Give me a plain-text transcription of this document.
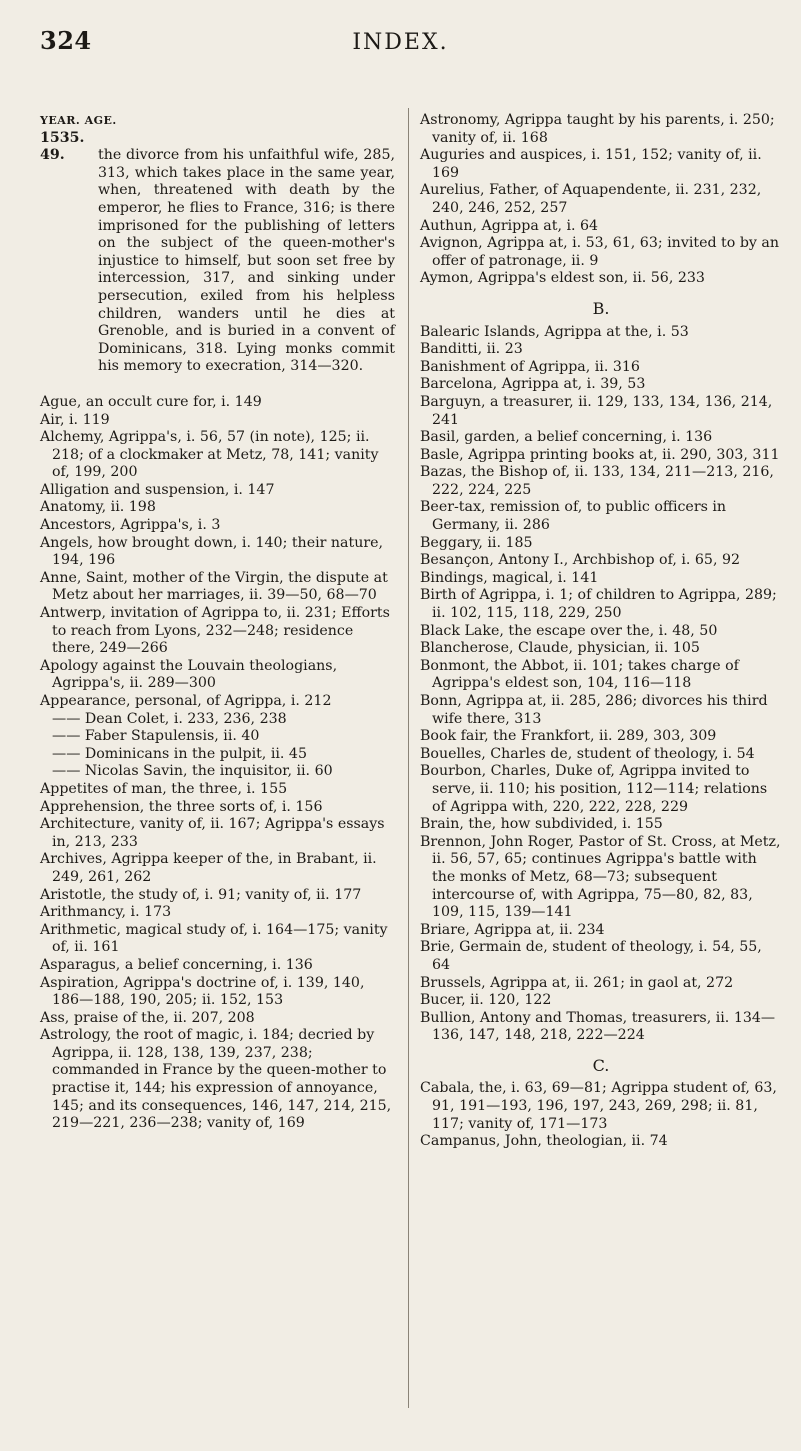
324	INDEX.
YEAR. AGE.
1535. 49.	the divorce from his unfaithful wife, 285, 313, which takes place in the same year, when, threatened with death by the emperor, he flies to France, 316; is there imprisoned for the publishing of letters on the subject of the queen-mother's injustice to himself, but soon set free by intercession, 317, and sinking under persecution, exiled from his helpless children, wanders until he dies at Grenoble, and is buried in a convent of Dominicans, 318. Lying monks commit his memory to execration, 314—320.

Ague, an occult cure for, i. 149

Air, i. 119

Alchemy, Agrippa's, i. 56, 57 (in note), 125; ii. 218; of a clockmaker at Metz, 78, 141; vanity of, 199, 200

Alligation and suspension, i. 147

Anatomy, ii. 198

Ancestors, Agrippa's, i. 3

Angels, how brought down, i. 140; their nature, 194, 196

Anne, Saint, mother of the Virgin, the dispute at Metz about her marriages, ii. 39—50, 68—70

Antwerp, invitation of Agrippa to, ii. 231; Efforts to reach from Lyons, 232—248; residence there, 249—266

Apology against the Louvain theologians, Agrippa's, ii. 289—300

Appearance, personal, of Agrippa, i. 212

—— Dean Colet, i. 233, 236, 238

—— Faber Stapulensis, ii. 40

—— Dominicans in the pulpit, ii. 45

—— Nicolas Savin, the inquisitor, ii. 60

Appetites of man, the three, i. 155

Apprehension, the three sorts of, i. 156

Architecture, vanity of, ii. 167; Agrippa's essays in, 213, 233

Archives, Agrippa keeper of the, in Brabant, ii. 249, 261, 262

Aristotle, the study of, i. 91; vanity of, ii. 177

Arithmancy, i. 173

Arithmetic, magical study of, i. 164—175; vanity of, ii. 161

Asparagus, a belief concerning, i. 136

Aspiration, Agrippa's doctrine of, i. 139, 140, 186—188, 190, 205; ii. 152, 153

Ass, praise of the, ii. 207, 208

Astrology, the root of magic, i. 184; decried by Agrippa, ii. 128, 138, 139, 237, 238; commanded in France by the queen-mother to practise it, 144; his expression of annoyance, 145; and its consequences, 146, 147, 214, 215, 219—221, 236—238; vanity of, 169

Astronomy, Agrippa taught by his parents, i. 250; vanity of, ii. 168

Auguries and auspices, i. 151, 152; vanity of, ii. 169

Aurelius, Father, of Aquapendente, ii. 231, 232, 240, 246, 252, 257

Authun, Agrippa at, i. 64

Avignon, Agrippa at, i. 53, 61, 63; invited to by an offer of patronage, ii. 9

Aymon, Agrippa's eldest son, ii. 56, 233

B.

Balearic Islands, Agrippa at the, i. 53

Banditti, ii. 23

Banishment of Agrippa, ii. 316

Barcelona, Agrippa at, i. 39, 53

Barguyn, a treasurer, ii. 129, 133, 134, 136, 214, 241

Basil, garden, a belief concerning, i. 136

Basle, Agrippa printing books at, ii. 290, 303, 311

Bazas, the Bishop of, ii. 133, 134, 211—213, 216, 222, 224, 225

Beer-tax, remission of, to public officers in Germany, ii. 286

Beggary, ii. 185

Besançon, Antony I., Archbishop of, i. 65, 92

Bindings, magical, i. 141

Birth of Agrippa, i. 1; of children to Agrippa, 289; ii. 102, 115, 118, 229, 250

Black Lake, the escape over the, i. 48, 50

Blancherose, Claude, physician, ii. 105

Bonmont, the Abbot, ii. 101; takes charge of Agrippa's eldest son, 104, 116—118

Bonn, Agrippa at, ii. 285, 286; divorces his third wife there, 313

Book fair, the Frankfort, ii. 289, 303, 309

Bouelles, Charles de, student of theology, i. 54

Bourbon, Charles, Duke of, Agrippa invited to serve, ii. 110; his position, 112—114; relations of Agrippa with, 220, 222, 228, 229

Brain, the, how subdivided, i. 155

Brennon, John Roger, Pastor of St. Cross, at Metz, ii. 56, 57, 65; continues Agrippa's battle with the monks of Metz, 68—73; subsequent intercourse of, with Agrippa, 75—80, 82, 83, 109, 115, 139—141

Briare, Agrippa at, ii. 234

Brie, Germain de, student of theology, i. 54, 55, 64

Brussels, Agrippa at, ii. 261; in gaol at, 272

Bucer, ii. 120, 122

Bullion, Antony and Thomas, treasurers, ii. 134—136, 147, 148, 218, 222—224

C.

Cabala, the, i. 63, 69—81; Agrippa student of, 63, 91, 191—193, 196, 197, 243, 269, 298; ii. 81, 117; vanity of, 171—173

Campanus, John, theologian, ii. 74
